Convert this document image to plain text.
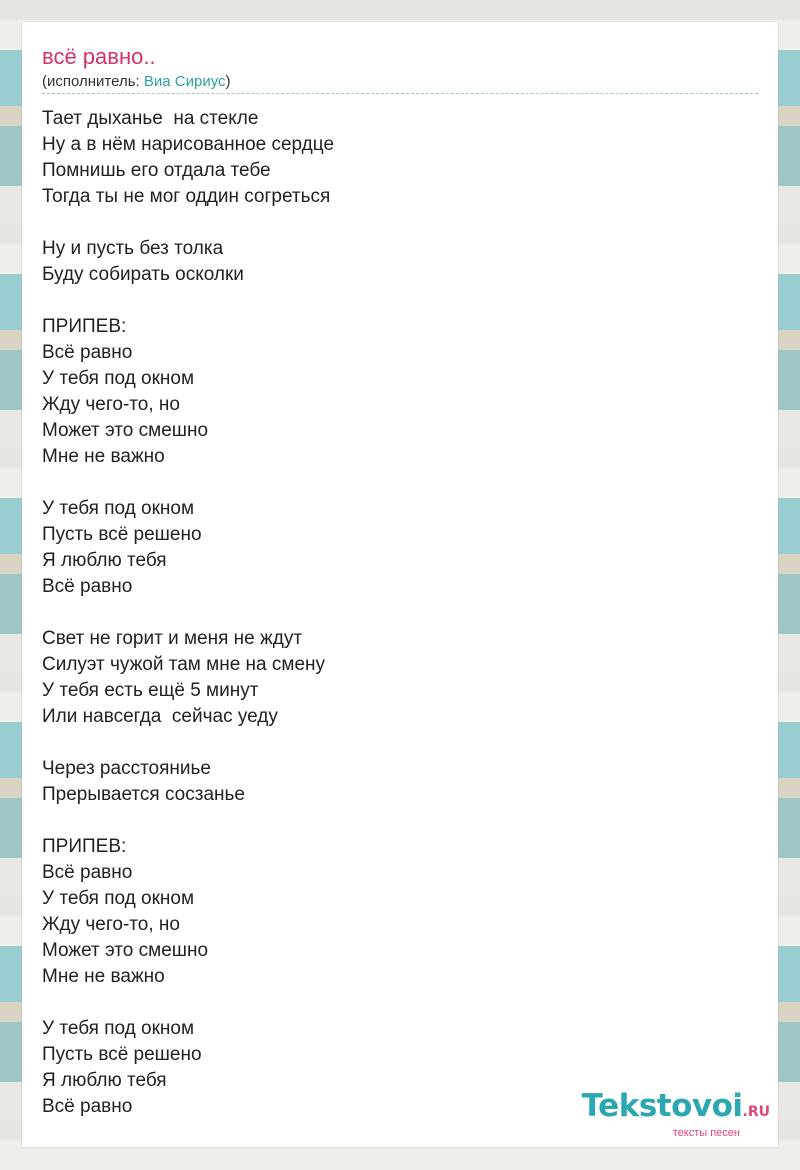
всё равно..
(исполнитель: Виа Сириус)
Тает дыханье  на стекле
Ну а в нём нарисованное сердце
Помнишь его отдала тебе
Тогда ты не мог оддин согреться
Ну и пусть без толка
Буду собирать осколки
ПРИПЕВ:
Всё равно
У тебя под окном
Жду чего-то, но
Может это смешно
Мне не важно
У тебя под окном
Пусть всё решено
Я люблю тебя
Всё равно
Свет не горит и меня не ждут
Силуэт чужой там мне на смену
У тебя есть ещё 5 минут
Или навсегда  сейчас уеду
Через расстояниье
Прерывается сосзанье
ПРИПЕВ:
Всё равно
У тебя под окном
Жду чего-то, но
Может это смешно
Мне не важно
У тебя под окном
Пусть всё решено
Я люблю тебя
Всё равно	Tekstovoi.RU
тексты песен
